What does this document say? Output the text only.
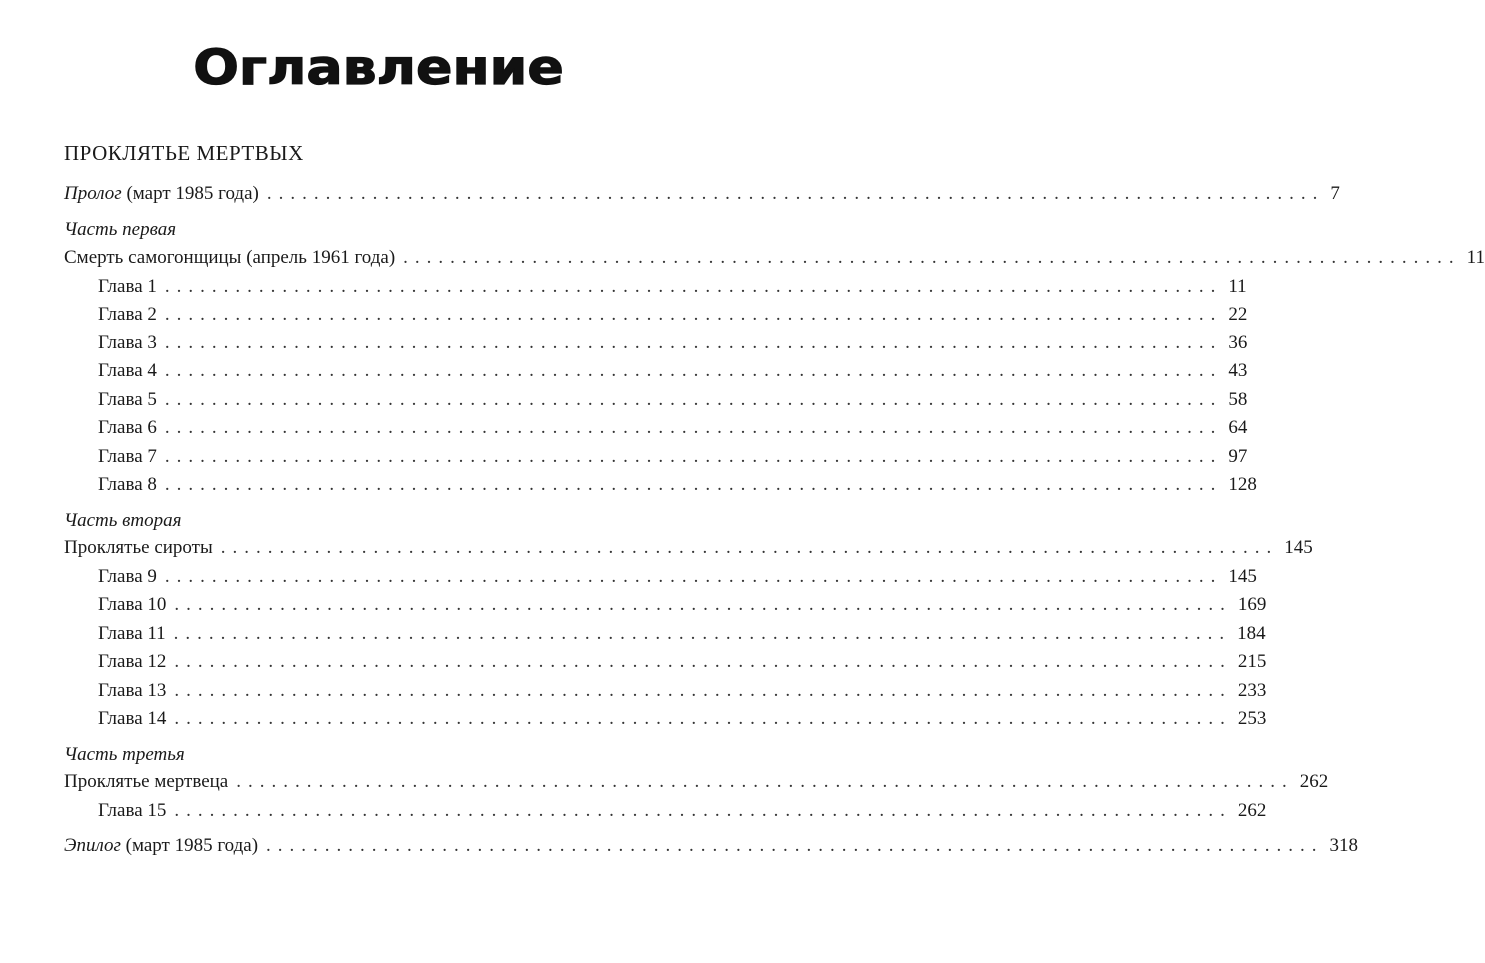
Оглавление
ПРОКЛЯТЬЕ МЕРТВЫХ
Пролог (март 1985 года) .......................................................................................... 7
Часть первая
Смерть самогонщицы (апрель 1961 года) .......................................................................................... 11
Глава 1 .......................................................................................... 11
Глава 2 .......................................................................................... 22
Глава 3 .......................................................................................... 36
Глава 4 .......................................................................................... 43
Глава 5 .......................................................................................... 58
Глава 6 .......................................................................................... 64
Глава 7 .......................................................................................... 97
Глава 8 .......................................................................................... 128
Часть вторая
Проклятье сироты .......................................................................................... 145
Глава 9 .......................................................................................... 145
Глава 10 .......................................................................................... 169
Глава 11 .......................................................................................... 184
Глава 12 .......................................................................................... 215
Глава 13 .......................................................................................... 233
Глава 14 .......................................................................................... 253
Часть третья
Проклятье мертвеца .......................................................................................... 262
Глава 15 .......................................................................................... 262
Эпилог (март 1985 года) .......................................................................................... 318
